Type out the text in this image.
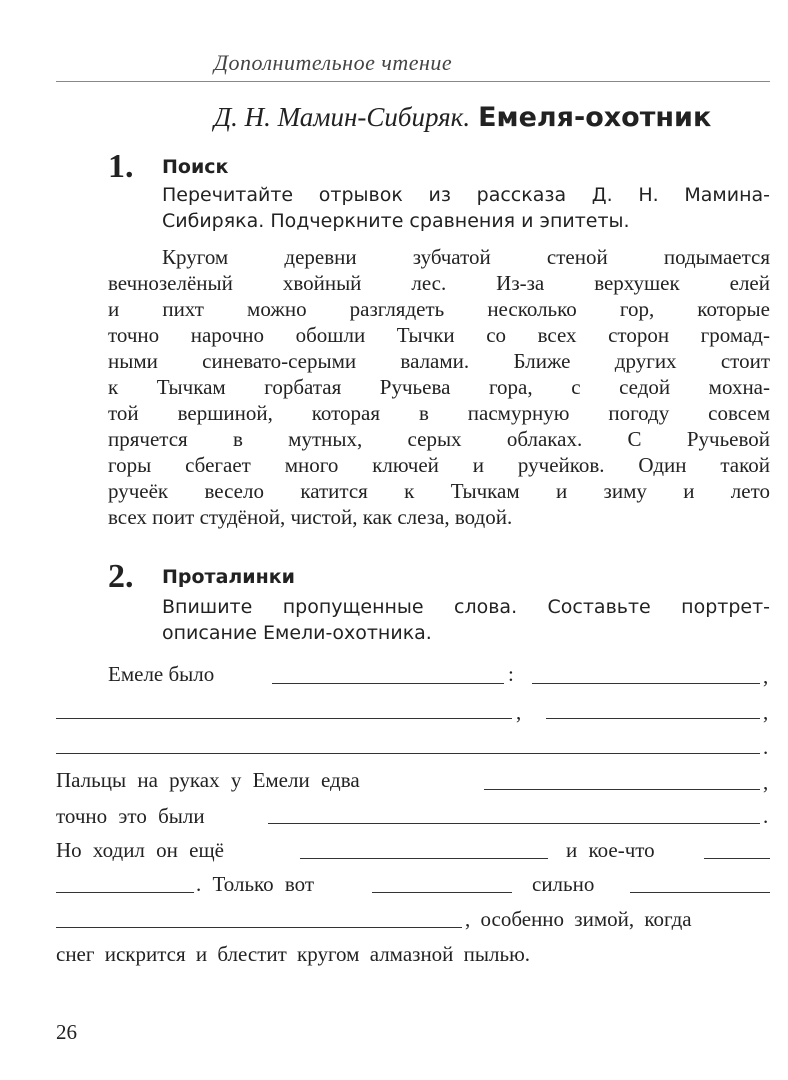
Дополнительное чтение
Д. Н. Мамин-Сибиряк. Емеля-охотник
1. Поиск
Перечитайте отрывок из рассказа Д. Н. Мамина-
Сибиряка. Подчеркните сравнения и эпитеты.
Кругом деревни зубчатой стеной подымается
вечнозелёный хвойный лес. Из-за верхушек елей
и пихт можно разглядеть несколько гор, которые
точно нарочно обошли Тычки со всех сторон громад-
ными синевато-серыми валами. Ближе других стоит
к Тычкам горбатая Ручьева гора, с седой мохна-
той вершиной, которая в пасмурную погоду совсем
прячется в мутных, серых облаках. С Ручьевой
горы сбегает много ключей и ручейков. Один такой
ручеёк весело катится к Тычкам и зиму и лето
всех поит студёной, чистой, как слеза, водой.
2. Проталинки
Впишите пропущенные слова. Составьте портрет-
описание Емели-охотника.
Емеле было	:	,
,	,
.
Пальцы на руках у Емели едва	,
точно это были	.
Но ходил он ещё	и кое-что
. Только вот	сильно
, особенно зимой, когда
снег искрится и блестит кругом алмазной пылью.
26
